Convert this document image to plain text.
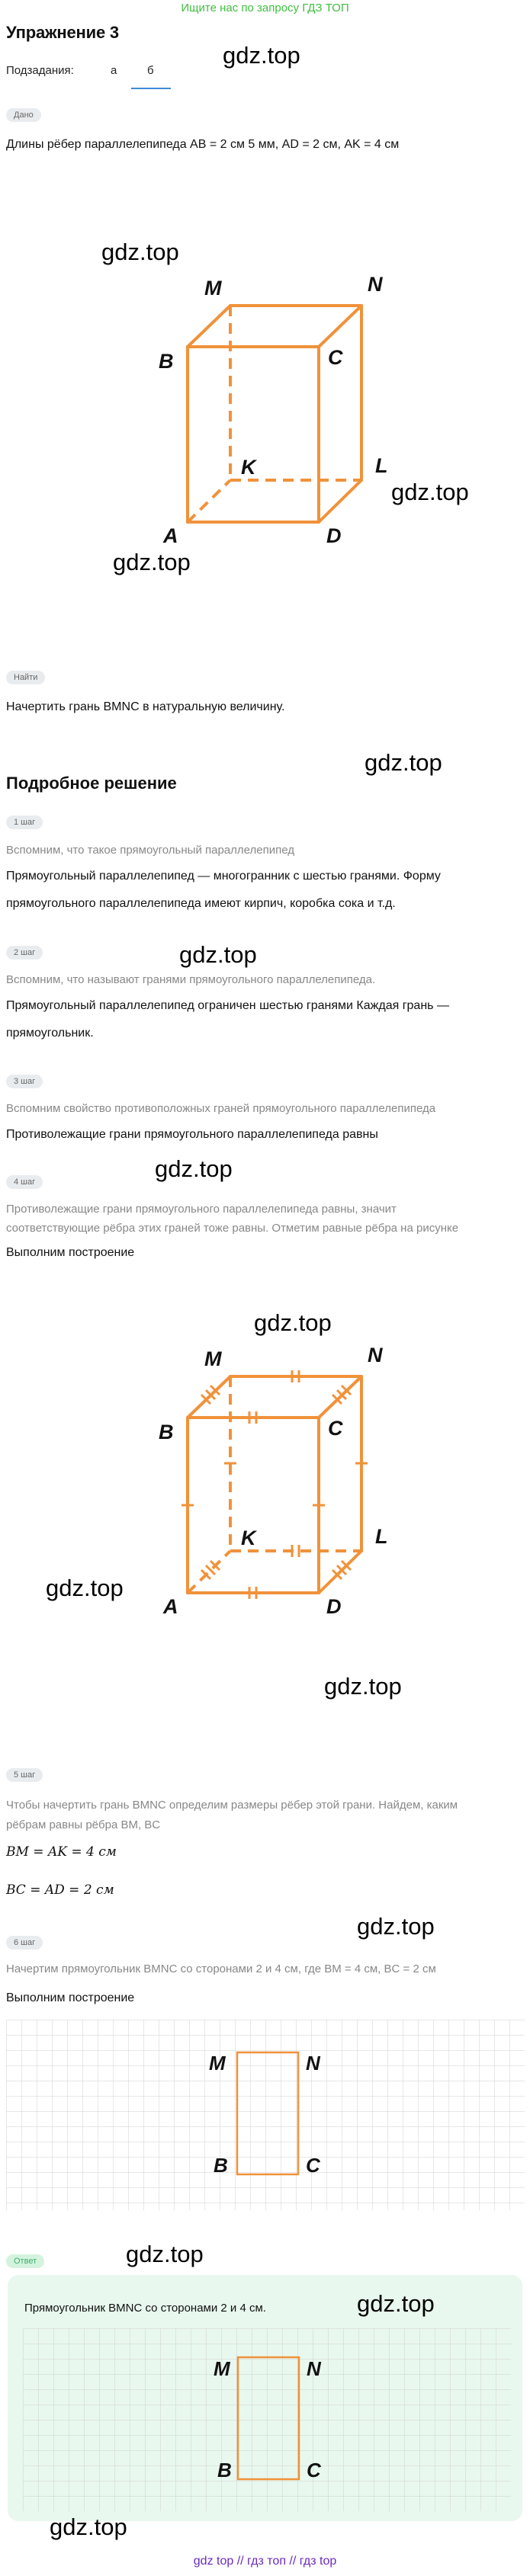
Ищите нас по запросу ГДЗ ТОП
Упражнение 3
Подзадания:	а	б
gdz.top
Дано
Длины рёбер параллелепипеда AB = 2 см 5 мм, AD = 2 см, AK = 4 см
gdz.top
M	N
B	C
K	L
A	D
gdz.top
gdz.top
Найти
Начертить грань BMNC в натуральную величину.
gdz.top
Подробное решение
1 шаг
Вспомним, что такое прямоугольный параллелепипед
Прямоугольный параллелепипед — многогранник с шестью гранями. Форму
прямоугольного параллелепипеда имеют кирпич, коробка сока и т.д.
2 шаг	gdz.top
Вспомним, что называют гранями прямоугольного параллелепипеда.
Прямоугольный параллелепипед ограничен шестью гранями Каждая грань —
прямоугольник.
3 шаг
Вспомним свойство противоположных граней прямоугольного параллелепипеда
Противолежащие грани прямоугольного параллелепипеда равны
4 шаг	gdz.top
Противолежащие грани прямоугольного параллелепипеда равны, значит
соответствующие рёбра этих граней тоже равны. Отметим равные рёбра на рисунке
Выполним построение
gdz.top
M	N
B	C
K	L
A	D
gdz.top
gdz.top
5 шаг
Чтобы начертить грань BMNC определим размеры рёбер этой грани. Найдем, каким
рёбрам равны рёбра BM, BC
BM = AK = 4 см
BC = AD = 2 см
gdz.top
6 шаг
Начертим прямоугольник BMNC со сторонами 2 и 4 см, где BM = 4 см, BC = 2 см
Выполним построение
M	N
B	C
Ответ	gdz.top
Прямоугольник BMNC со сторонами 2 и 4 см.	gdz.top
M	N
B	C
gdz.top
gdz top // гдз топ // гдз top
